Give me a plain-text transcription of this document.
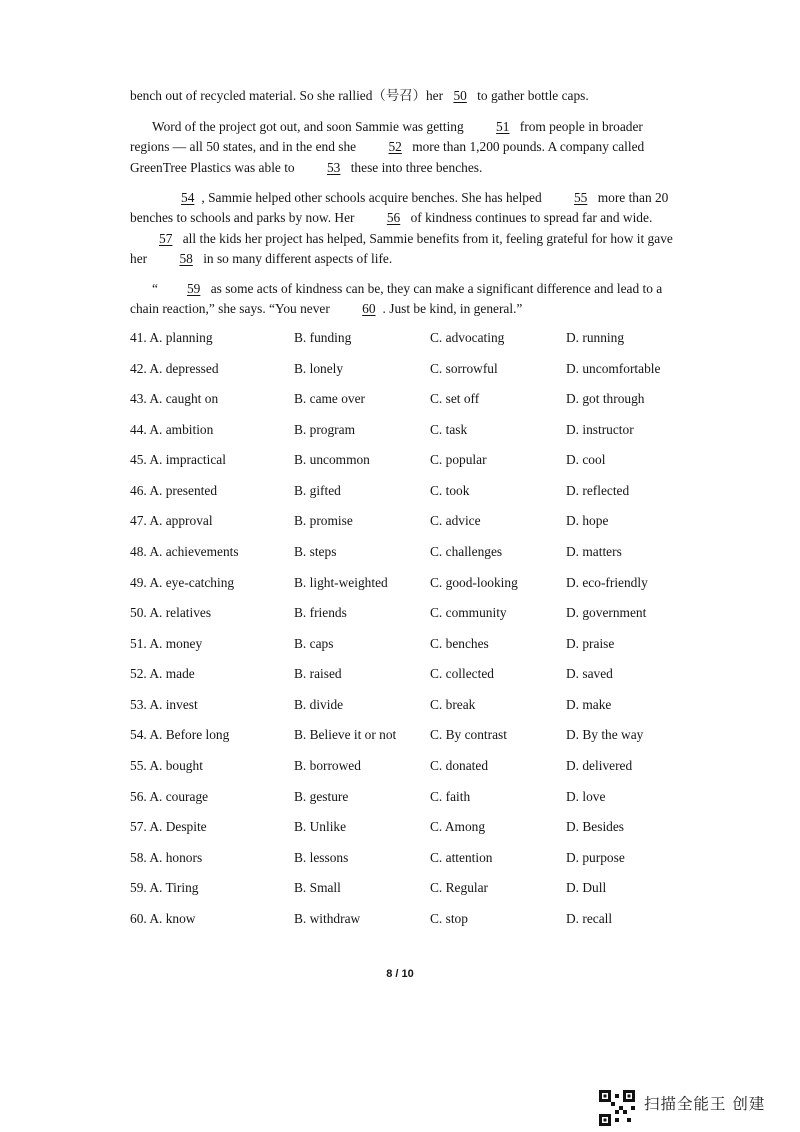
bench out of recycled material. So she rallied（号召）her 50 to gather bottle caps.

Word of the project got out, and soon Sammie was getting 51 from people in broader regions — all 50 states, and in the end she 52 more than 1,200 pounds. A company called GreenTree Plastics was able to 53 these into three benches.

54 , Sammie helped other schools acquire benches. She has helped 55 more than 20 benches to schools and parks by now. Her 56 of kindness continues to spread far and wide. 57 all the kids her project has helped, Sammie benefits from it, feeling grateful for how it gave her 58 in so many different aspects of life.

“ 59 as some acts of kindness can be, they can make a significant difference and lead to a chain reaction,” she says. “You never 60 . Just be kind, in general.”

41. A. planning	B. funding	C. advocating	D. running
42. A. depressed	B. lonely	C. sorrowful	D. uncomfortable
43. A. caught on	B. came over	C. set off	D. got through
44. A. ambition	B. program	C. task	D. instructor
45. A. impractical	B. uncommon	C. popular	D. cool
46. A. presented	B. gifted	C. took	D. reflected
47. A. approval	B. promise	C. advice	D. hope
48. A. achievements	B. steps	C. challenges	D. matters
49. A. eye-catching	B. light-weighted	C. good-looking	D. eco-friendly
50. A. relatives	B. friends	C. community	D. government
51. A. money	B. caps	C. benches	D. praise
52. A. made	B. raised	C. collected	D. saved
53. A. invest	B. divide	C. break	D. make
54. A. Before long	B. Believe it or not	C. By contrast	D. By the way
55. A. bought	B. borrowed	C. donated	D. delivered
56. A. courage	B. gesture	C. faith	D. love
57. A. Despite	B. Unlike	C. Among	D. Besides
58. A. honors	B. lessons	C. attention	D. purpose
59. A. Tiring	B. Small	C. Regular	D. Dull
60. A. know	B. withdraw	C. stop	D. recall
8 / 10
扫描全能王 创建
